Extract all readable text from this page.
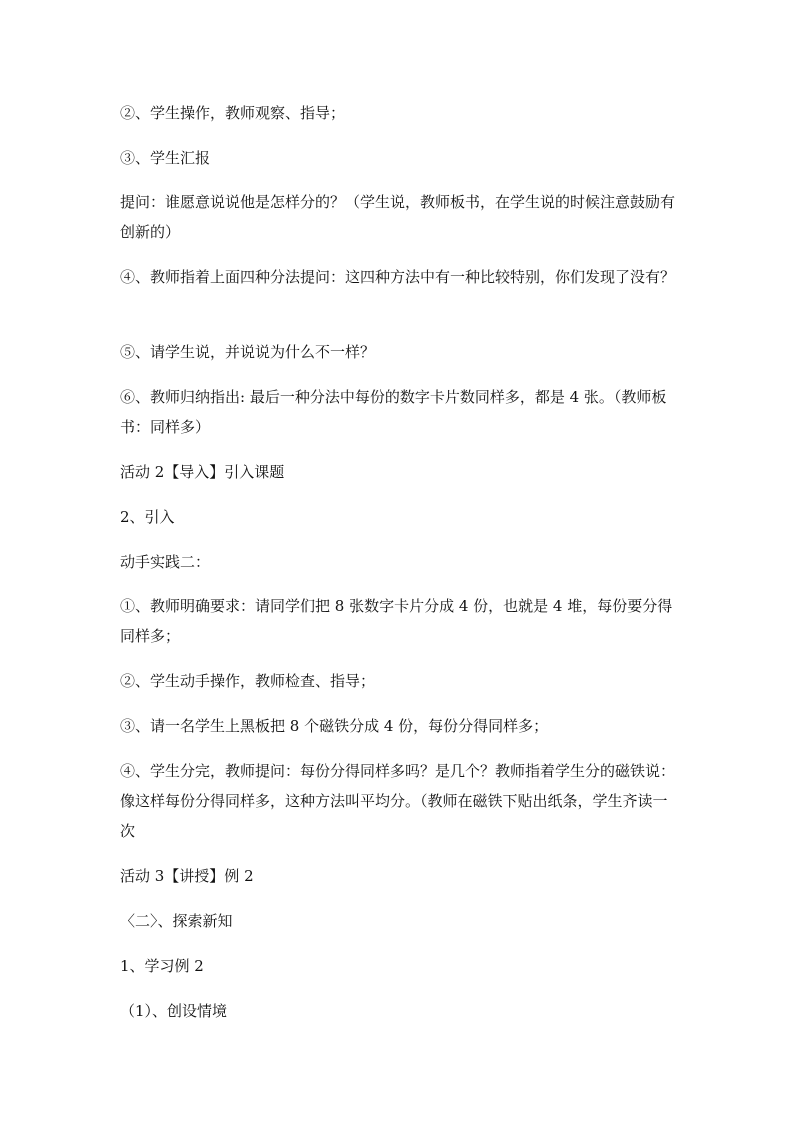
②、学生操作，教师观察、指导；

③、学生汇报

提问：谁愿意说说他是怎样分的？（学生说，教师板书，在学生说的时候注意鼓励有创新的）

④、教师指着上面四种分法提问：这四种方法中有一种比较特别，你们发现了没有？

⑤、请学生说，并说说为什么不一样？

⑥、教师归纳指出: 最后一种分法中每份的数字卡片数同样多，都是 4 张。（教师板书：同样多）

活动 2【导入】引入课题

2、引入

动手实践二：

①、教师明确要求：请同学们把 8 张数字卡片分成 4 份，也就是 4 堆，每份要分得同样多；

②、学生动手操作，教师检查、指导；

③、请一名学生上黑板把 8 个磁铁分成 4 份，每份分得同样多；

④、学生分完，教师提问：每份分得同样多吗？是几个？教师指着学生分的磁铁说：像这样每份分得同样多，这种方法叫平均分。（教师在磁铁下贴出纸条，学生齐读一次

活动 3【讲授】例 2

〈二〉、探索新知

1、学习例 2

（1）、创设情境
